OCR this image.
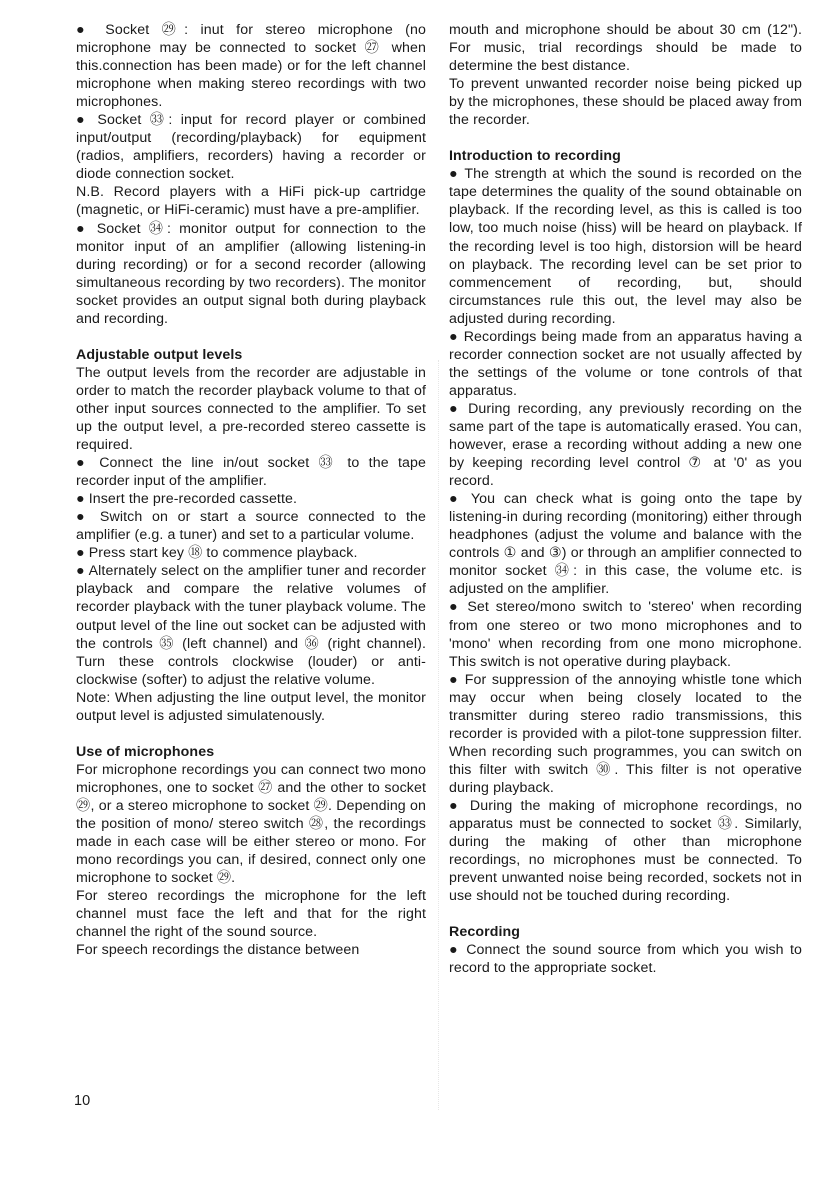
● Socket ㉙: inut for stereo microphone (no microphone may be connected to socket ㉗ when this.connection has been made) or for the left channel microphone when making stereo recordings with two microphones.

● Socket ㉝: input for record player or combined input/output (recording/playback) for equipment (radios, amplifiers, recorders) having a recorder or diode connection socket.

N.B. Record players with a HiFi pick-up cartridge (magnetic, or HiFi-ceramic) must have a pre-amplifier.

● Socket ㉞: monitor output for connection to the monitor input of an amplifier (allowing listening-in during recording) or for a second recorder (allowing simultaneous recording by two recorders). The monitor socket provides an output signal both during playback and recording.

Adjustable output levels

The output levels from the recorder are adjustable in order to match the recorder playback volume to that of other input sources connected to the amplifier. To set up the output level, a pre-recorded stereo cassette is required.

● Connect the line in/out socket ㉝ to the tape recorder input of the amplifier.

● Insert the pre-recorded cassette.

● Switch on or start a source connected to the amplifier (e.g. a tuner) and set to a particular volume.

● Press start key ⑱ to commence playback.

● Alternately select on the amplifier tuner and recorder playback and compare the relative volumes of recorder playback with the tuner playback volume. The output level of the line out socket can be adjusted with the controls ㉟ (left channel) and ㊱ (right channel). Turn these controls clockwise (louder) or anti-clockwise (softer) to adjust the relative volume.

Note: When adjusting the line output level, the monitor output level is adjusted simulatenously.

Use of microphones

For microphone recordings you can connect two mono microphones, one to socket ㉗ and the other to socket ㉙, or a stereo microphone to socket ㉙. Depending on the position of mono/ stereo switch ㉘, the recordings made in each case will be either stereo or mono. For mono recordings you can, if desired, connect only one microphone to socket ㉙.

For stereo recordings the microphone for the left channel must face the left and that for the right channel the right of the sound source.

For speech recordings the distance between

mouth and microphone should be about 30 cm (12"). For music, trial recordings should be made to determine the best distance.

To prevent unwanted recorder noise being picked up by the microphones, these should be placed away from the recorder.

Introduction to recording

● The strength at which the sound is recorded on the tape determines the quality of the sound obtainable on playback. If the recording level, as this is called is too low, too much noise (hiss) will be heard on playback. If the recording level is too high, distorsion will be heard on playback. The recording level can be set prior to commencement of recording, but, should circumstances rule this out, the level may also be adjusted during recording.

● Recordings being made from an apparatus having a recorder connection socket are not usually affected by the settings of the volume or tone controls of that apparatus.

● During recording, any previously recording on the same part of the tape is automatically erased. You can, however, erase a recording without adding a new one by keeping recording level control ⑦ at '0' as you record.

● You can check what is going onto the tape by listening-in during recording (monitoring) either through headphones (adjust the volume and balance with the controls ① and ③) or through an amplifier connected to monitor socket ㉞: in this case, the volume etc. is adjusted on the amplifier.

● Set stereo/mono switch to 'stereo' when recording from one stereo or two mono microphones and to 'mono' when recording from one mono microphone. This switch is not operative during playback.

● For suppression of the annoying whistle tone which may occur when being closely located to the transmitter during stereo radio transmissions, this recorder is provided with a pilot-tone suppression filter. When recording such programmes, you can switch on this filter with switch ㉚. This filter is not operative during playback.

● During the making of microphone recordings, no apparatus must be connected to socket ㉝. Similarly, during the making of other than microphone recordings, no microphones must be connected. To prevent unwanted noise being recorded, sockets not in use should not be touched during recording.

Recording

● Connect the sound source from which you wish to record to the appropriate socket.

10
